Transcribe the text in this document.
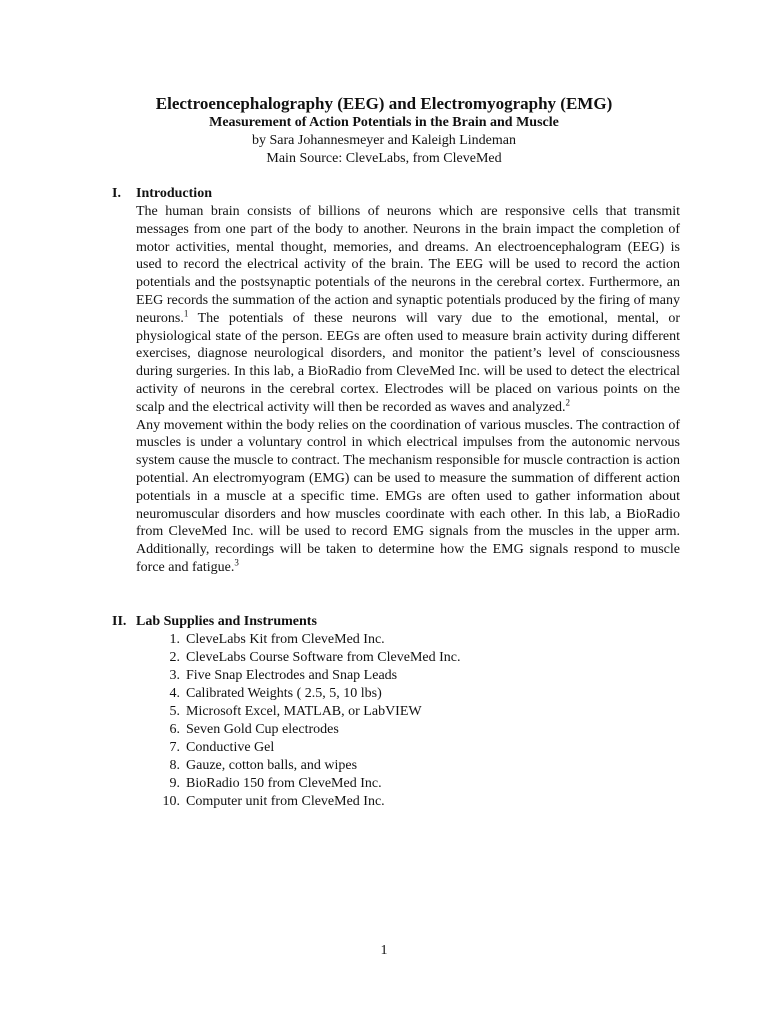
Electroencephalography (EEG) and Electromyography (EMG)

Measurement of Action Potentials in the Brain and Muscle

by Sara Johannesmeyer and Kaleigh Lindeman

Main Source: CleveLabs, from CleveMed

I.	Introduction

The human brain consists of billions of neurons which are responsive cells that transmit messages from one part of the body to another. Neurons in the brain impact the completion of motor activities, mental thought, memories, and dreams. An electroencephalogram (EEG) is used to record the electrical activity of the brain. The EEG will be used to record the action potentials and the postsynaptic potentials of the neurons in the cerebral cortex. Furthermore, an EEG records the summation of the action and synaptic potentials produced by the firing of many neurons.$^1$ The potentials of these neurons will vary due to the emotional, mental, or physiological state of the person. EEGs are often used to measure brain activity during different exercises, diagnose neurological disorders, and monitor the patient’s level of consciousness during surgeries. In this lab, a BioRadio from CleveMed Inc. will be used to detect the electrical activity of neurons in the cerebral cortex. Electrodes will be placed on various points on the scalp and the electrical activity will then be recorded as waves and analyzed.$^2$

Any movement within the body relies on the coordination of various muscles. The contraction of muscles is under a voluntary control in which electrical impulses from the autonomic nervous system cause the muscle to contract. The mechanism responsible for muscle contraction is action potential. An electromyogram (EMG) can be used to measure the summation of different action potentials in a muscle at a specific time. EMGs are often used to gather information about neuromuscular disorders and how muscles coordinate with each other. In this lab, a BioRadio from CleveMed Inc. will be used to record EMG signals from the muscles in the upper arm. Additionally, recordings will be taken to determine how the EMG signals respond to muscle force and fatigue.$^3$

II. Lab Supplies and Instruments
1. CleveLabs Kit from CleveMed Inc.
2. CleveLabs Course Software from CleveMed Inc.
3. Five Snap Electrodes and Snap Leads
4. Calibrated Weights ( 2.5, 5, 10 lbs)
5. Microsoft Excel, MATLAB, or LabVIEW
6. Seven Gold Cup electrodes
7. Conductive Gel
8. Gauze, cotton balls, and wipes
9. BioRadio 150 from CleveMed Inc.
10. Computer unit from CleveMed Inc.
1
